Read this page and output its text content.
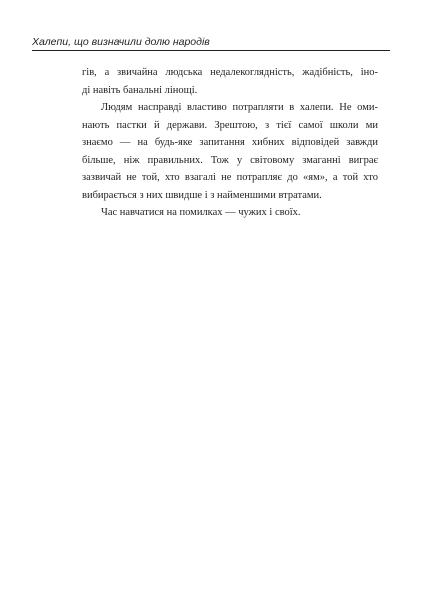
Халепи, що визначили долю народів
гів, а звичайна людська недалекоглядність, жадібність, іно-
ді навіть банальні лінощі.
Людям насправді властиво потрапляти в халепи. Не оми-
нають пастки й держави. Зрештою, з тієї самої школи ми
знаємо — на будь-яке запитання хибних відповідей завжди
більше, ніж правильних. Тож у світовому змаганні виграє
зазвичай не той, хто взагалі не потрапляє до «ям», а той хто
вибирається з них швидше і з найменшими втратами.
Час навчатися на помилках — чужих і своїх.
